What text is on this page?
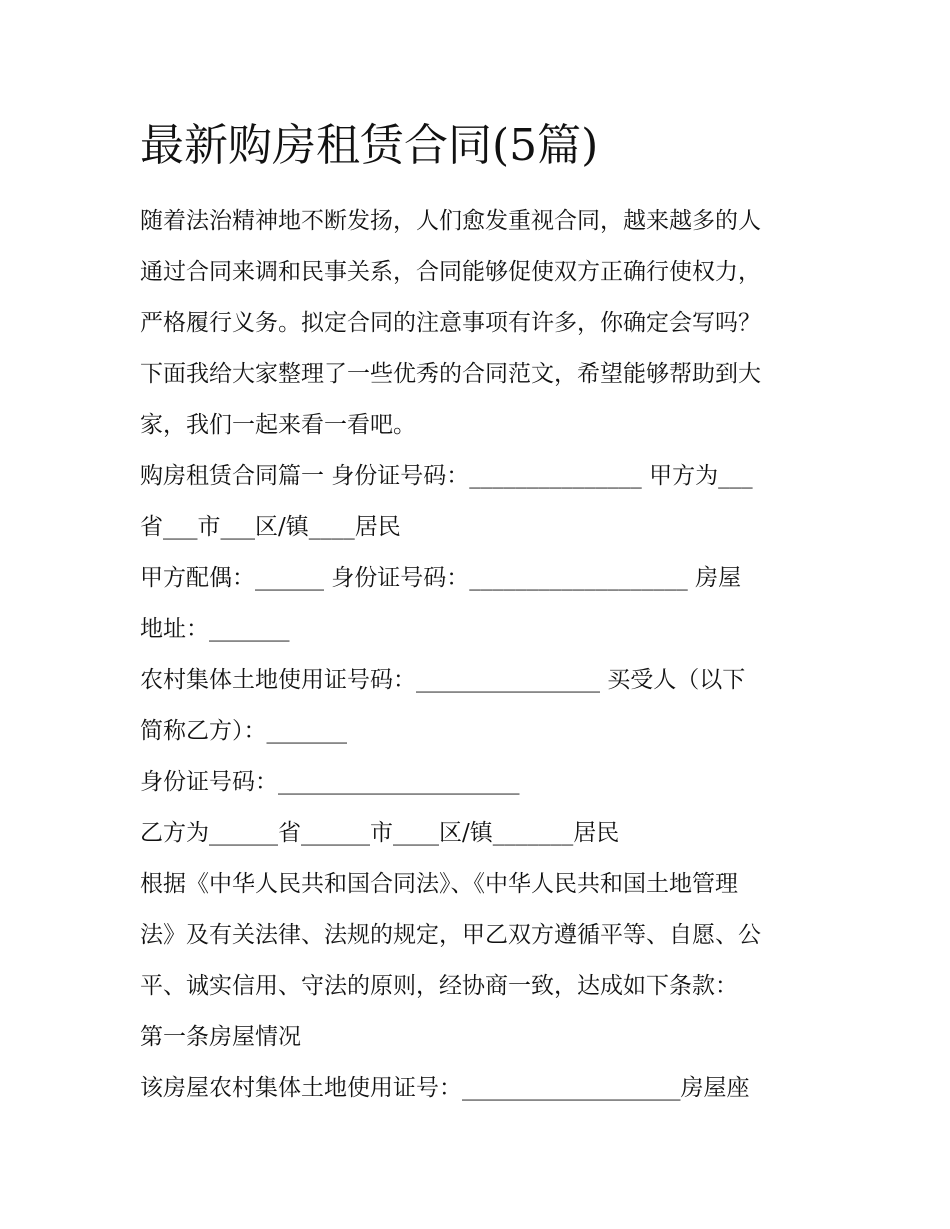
最新购房租赁合同(5篇)
随着法治精神地不断发扬，人们愈发重视合同，越来越多的人
通过合同来调和民事关系，合同能够促使双方正确行使权力，
严格履行义务。拟定合同的注意事项有许多，你确定会写吗？
下面我给大家整理了一些优秀的合同范文，希望能够帮助到大
家，我们一起来看一看吧。
购房租赁合同篇一 身份证号码：_______________ 甲方为___
省___市___区/镇____居民
甲方配偶：______ 身份证号码：___________________ 房屋
地址：_______
农村集体土地使用证号码：________________ 买受人（以下
简称乙方）：_______
身份证号码：_____________________
乙方为______省______市____区/镇_______居民
根据《中华人民共和国合同法》、《中华人民共和国土地管理
法》及有关法律、法规的规定，甲乙双方遵循平等、自愿、公
平、诚实信用、守法的原则，经协商一致，达成如下条款：
第一条房屋情况
该房屋农村集体土地使用证号：___________________房屋座
